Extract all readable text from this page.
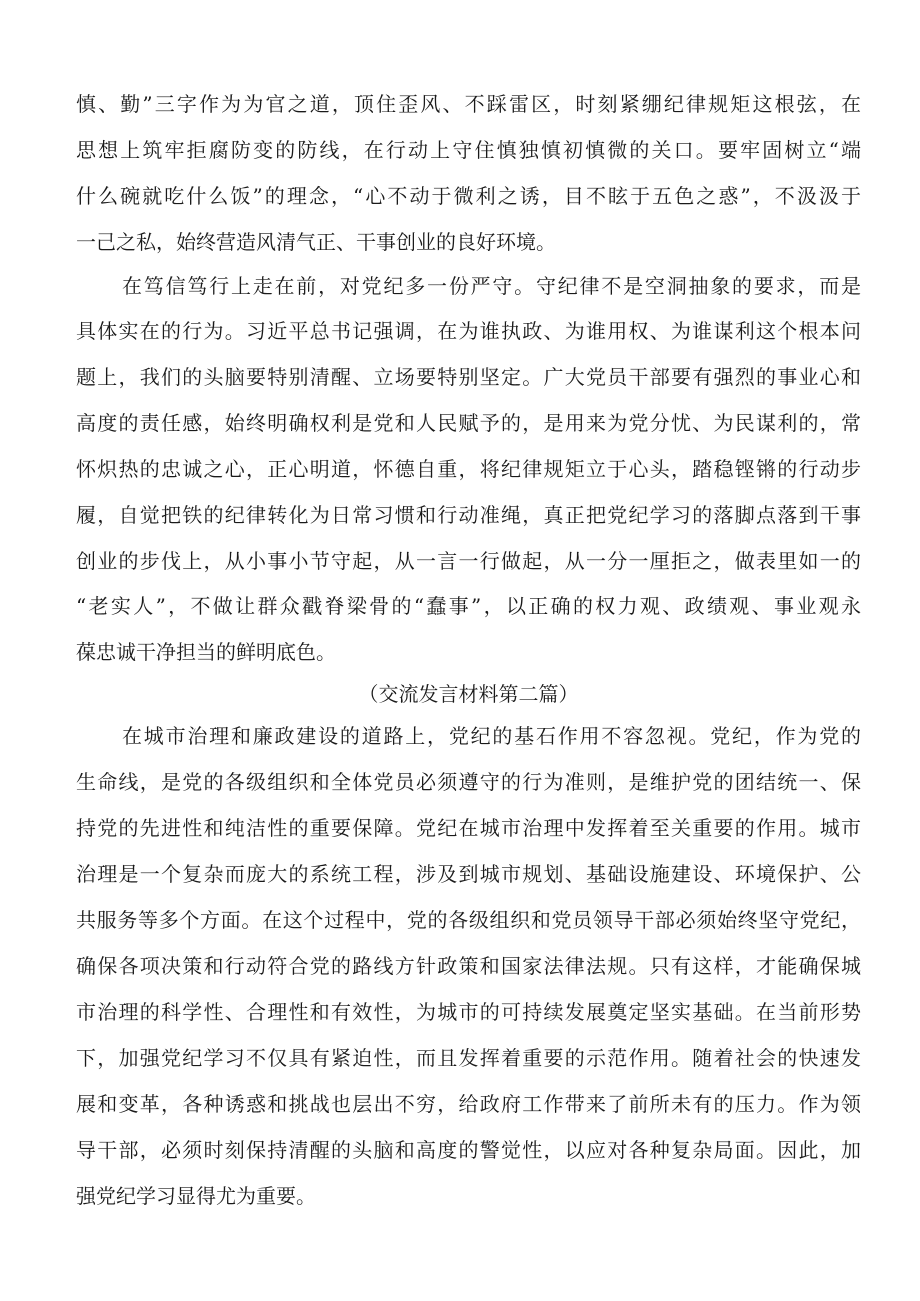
慎、勤”三字作为为官之道，顶住歪风、不踩雷区，时刻紧绷纪律规矩这根弦，在
思想上筑牢拒腐防变的防线，在行动上守住慎独慎初慎微的关口。要牢固树立“端
什么碗就吃什么饭”的理念，“心不动于微利之诱，目不眩于五色之惑”，不汲汲于
一己之私，始终营造风清气正、干事创业的良好环境。
在笃信笃行上走在前，对党纪多一份严守。守纪律不是空洞抽象的要求，而是
具体实在的行为。习近平总书记强调，在为谁执政、为谁用权、为谁谋利这个根本问
题上，我们的头脑要特别清醒、立场要特别坚定。广大党员干部要有强烈的事业心和
高度的责任感，始终明确权利是党和人民赋予的，是用来为党分忧、为民谋利的，常
怀炽热的忠诚之心，正心明道，怀德自重，将纪律规矩立于心头，踏稳铿锵的行动步
履，自觉把铁的纪律转化为日常习惯和行动准绳，真正把党纪学习的落脚点落到干事
创业的步伐上，从小事小节守起，从一言一行做起，从一分一厘拒之，做表里如一的
“老实人”，不做让群众戳脊梁骨的“蠢事”，以正确的权力观、政绩观、事业观永
葆忠诚干净担当的鲜明底色。
（交流发言材料第二篇）
在城市治理和廉政建设的道路上，党纪的基石作用不容忽视。党纪，作为党的
生命线，是党的各级组织和全体党员必须遵守的行为准则，是维护党的团结统一、保
持党的先进性和纯洁性的重要保障。党纪在城市治理中发挥着至关重要的作用。城市
治理是一个复杂而庞大的系统工程，涉及到城市规划、基础设施建设、环境保护、公
共服务等多个方面。在这个过程中，党的各级组织和党员领导干部必须始终坚守党纪，
确保各项决策和行动符合党的路线方针政策和国家法律法规。只有这样，才能确保城
市治理的科学性、合理性和有效性，为城市的可持续发展奠定坚实基础。在当前形势
下，加强党纪学习不仅具有紧迫性，而且发挥着重要的示范作用。随着社会的快速发
展和变革，各种诱惑和挑战也层出不穷，给政府工作带来了前所未有的压力。作为领
导干部，必须时刻保持清醒的头脑和高度的警觉性，以应对各种复杂局面。因此，加
强党纪学习显得尤为重要。
